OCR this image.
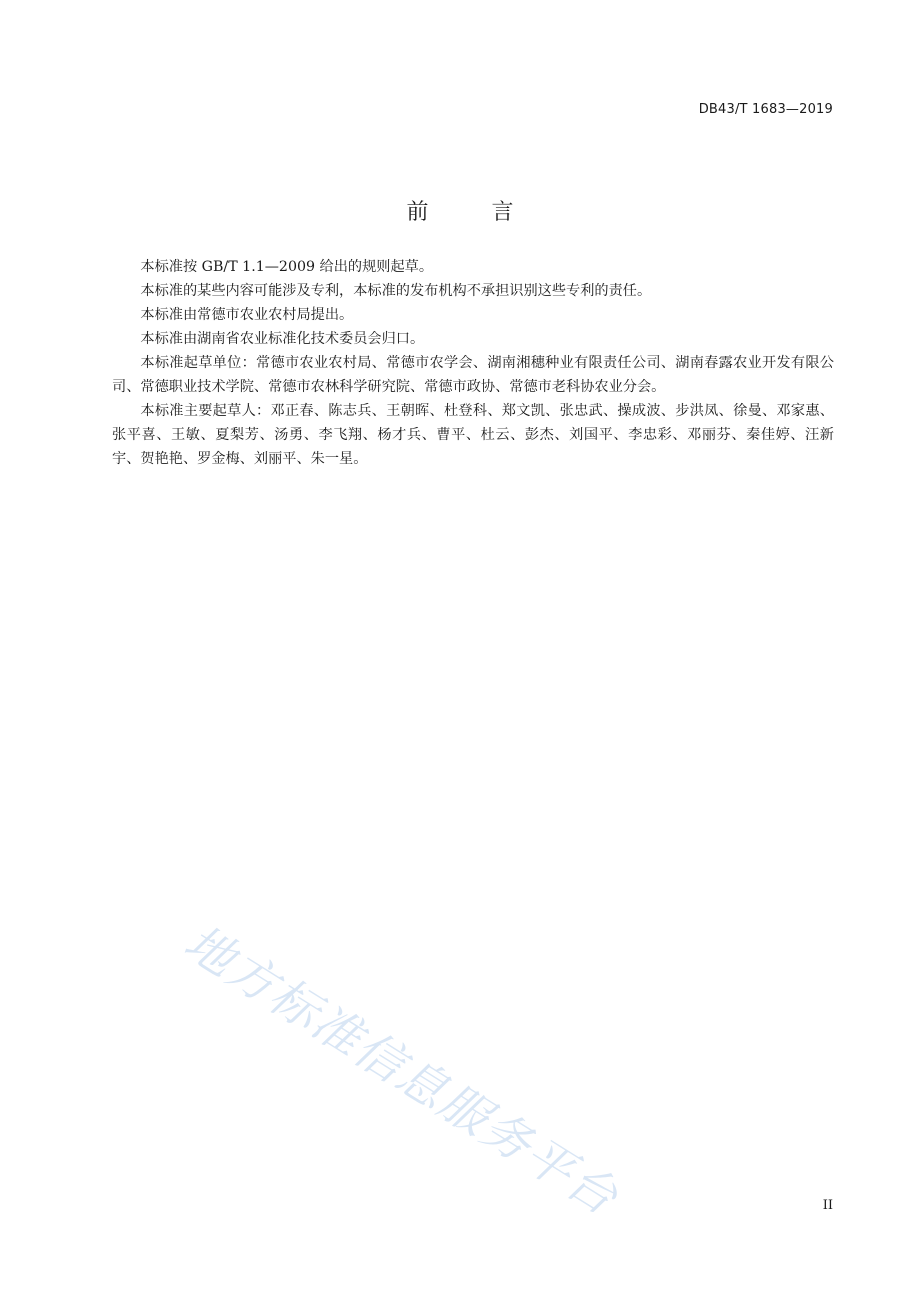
DB43/T 1683—2019
前 言

本标准按 GB/T 1.1—2009 给出的规则起草。

本标准的某些内容可能涉及专利，本标准的发布机构不承担识别这些专利的责任。

本标准由常德市农业农村局提出。

本标准由湖南省农业标准化技术委员会归口。

本标准起草单位：常德市农业农村局、常德市农学会、湖南湘穗种业有限责任公司、湖南春露农业开发有限公司、常德职业技术学院、常德市农林科学研究院、常德市政协、常德市老科协农业分会。

本标准主要起草人：邓正春、陈志兵、王朝晖、杜登科、郑文凯、张忠武、操成波、步洪凤、徐曼、邓家惠、张平喜、王敏、夏梨芳、汤勇、李飞翔、杨才兵、曹平、杜云、彭杰、刘国平、李忠彩、邓丽芬、秦佳婷、汪新宇、贺艳艳、罗金梅、刘丽平、朱一星。

地方标准信息服务平台	II
